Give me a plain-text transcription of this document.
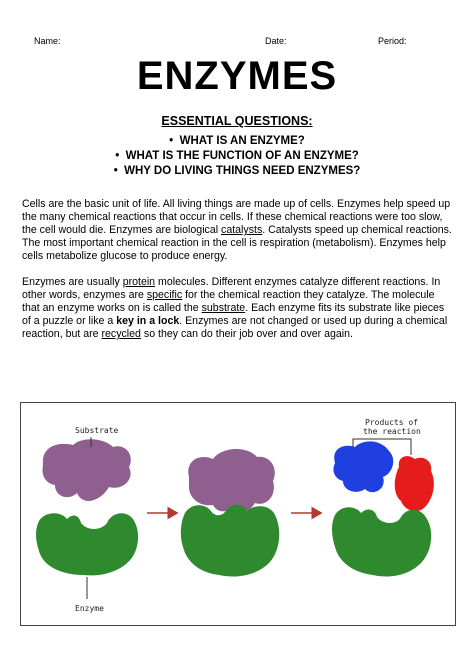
Name:	Date:	Period:
ENZYMES
ESSENTIAL QUESTIONS:
•  WHAT IS AN ENZYME?
•  WHAT IS THE FUNCTION OF AN ENZYME?
•  WHY DO LIVING THINGS NEED ENZYMES?

Cells are the basic unit of life. All living things are made up of cells. Enzymes help speed up the many chemical reactions that occur in cells. If these chemical reactions were too slow, the cell would die. Enzymes are biological catalysts. Catalysts speed up chemical reactions. The most important chemical reaction in the cell is respiration (metabolism). Enzymes help cells metabolize glucose to produce energy.

Enzymes are usually protein molecules. Different enzymes catalyze different reactions. In other words, enzymes are specific for the chemical reaction they catalyze. The molecule that an enzyme works on is called the substrate. Each enzyme fits its substrate like pieces of a puzzle or like a key in a lock. Enzymes are not changed or used up during a chemical reaction, but are recycled so they can do their job over and over again.

Substrate
Enzyme
Products of
the reaction
